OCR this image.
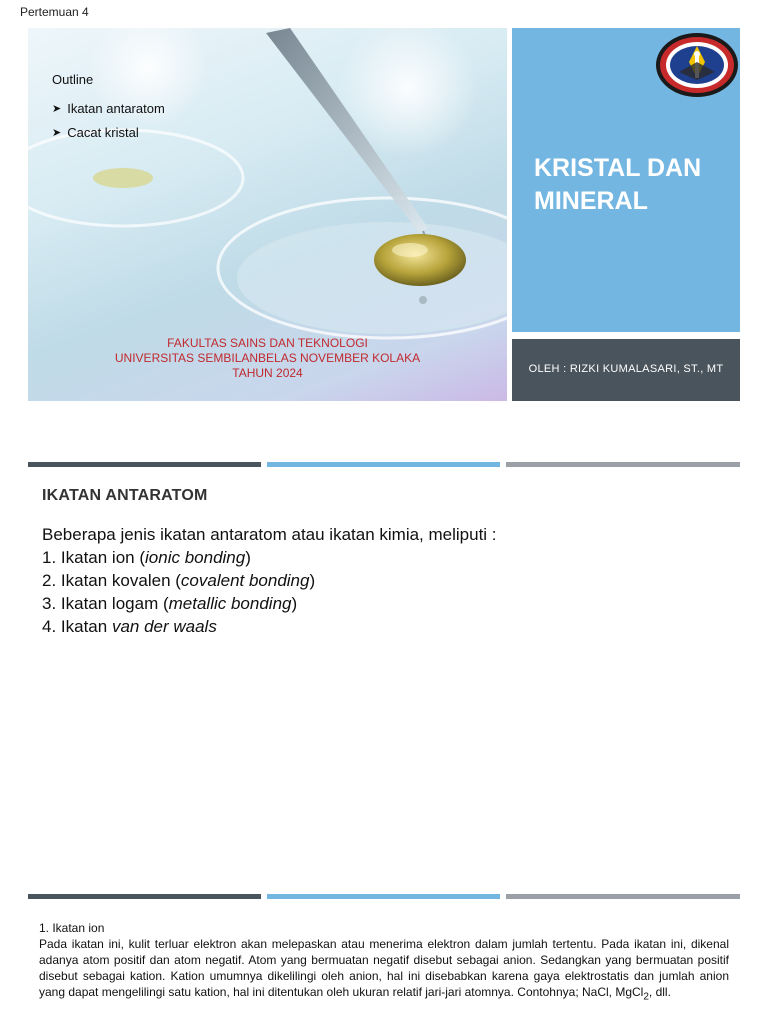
Pertemuan 4
Outline
➤ Ikatan antaratom
➤ Cacat kristal
FAKULTAS SAINS DAN TEKNOLOGI
UNIVERSITAS SEMBILANBELAS NOVEMBER KOLAKA
TAHUN 2024
KRISTAL DAN
MINERAL
OLEH : RIZKI KUMALASARI, ST., MT
IKATAN ANTARATOM
Beberapa jenis ikatan antaratom atau ikatan kimia, meliputi :
1. Ikatan ion (ionic bonding)
2. Ikatan kovalen (covalent bonding)
3. Ikatan logam (metallic bonding)
4. Ikatan van der waals
1. Ikatan ion
Pada ikatan ini, kulit terluar elektron akan melepaskan atau menerima elektron dalam jumlah tertentu. Pada ikatan ini, dikenal adanya atom positif dan atom negatif. Atom yang bermuatan negatif disebut sebagai anion. Sedangkan yang bermuatan positif disebut sebagai kation. Kation umumnya dikelilingi oleh anion, hal ini disebabkan karena gaya elektrostatis dan jumlah anion yang dapat mengelilingi satu kation, hal ini ditentukan oleh ukuran relatif jari-jari atomnya. Contohnya; NaCl, MgCl$_2$, dll.
